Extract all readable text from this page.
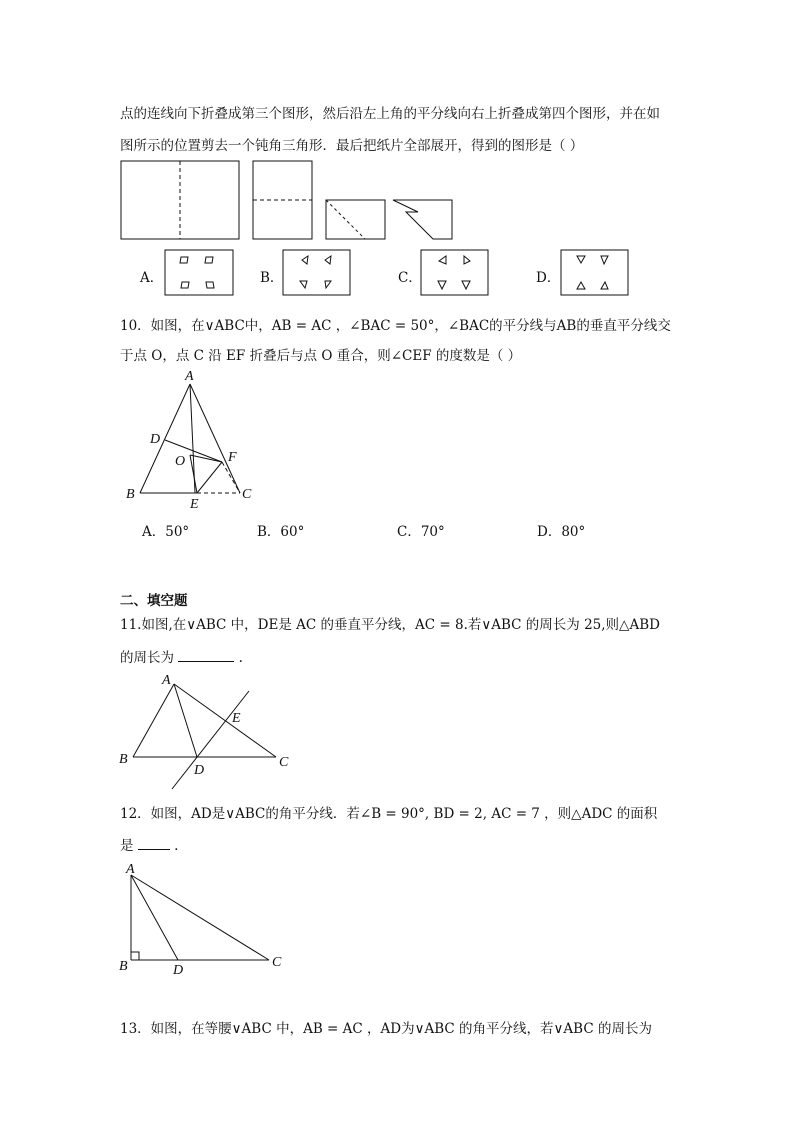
点的连线向下折叠成第三个图形，然后沿左上角的平分线向右上折叠成第四个图形，并在如
图所示的位置剪去一个钝角三角形．最后把纸片全部展开，得到的图形是（ ）
A．	B．	C．	D．
10．如图，在∨ABC中，AB = AC ，∠BAC = 50°，∠BAC的平分线与AB的垂直平分线交
于点 O，点 C 沿 EF 折叠后与点 O 重合，则∠CEF 的度数是（ ）
A
D
O	F
B
E
C
A．50°	B．60°	C．70°	D．80°
二、填空题
11.如图,在∨ABC 中，DE是 AC 的垂直平分线，AC = 8.若∨ABC 的周长为 25,则△ABD
的周长为	.
A
E
B
D
C
12．如图，AD是∨ABC的角平分线．若∠B = 90°, BD = 2, AC = 7 ，则△ADC 的面积
是	.
A
B	D
C
13．如图，在等腰∨ABC 中，AB = AC ，AD为∨ABC 的角平分线，若∨ABC 的周长为
